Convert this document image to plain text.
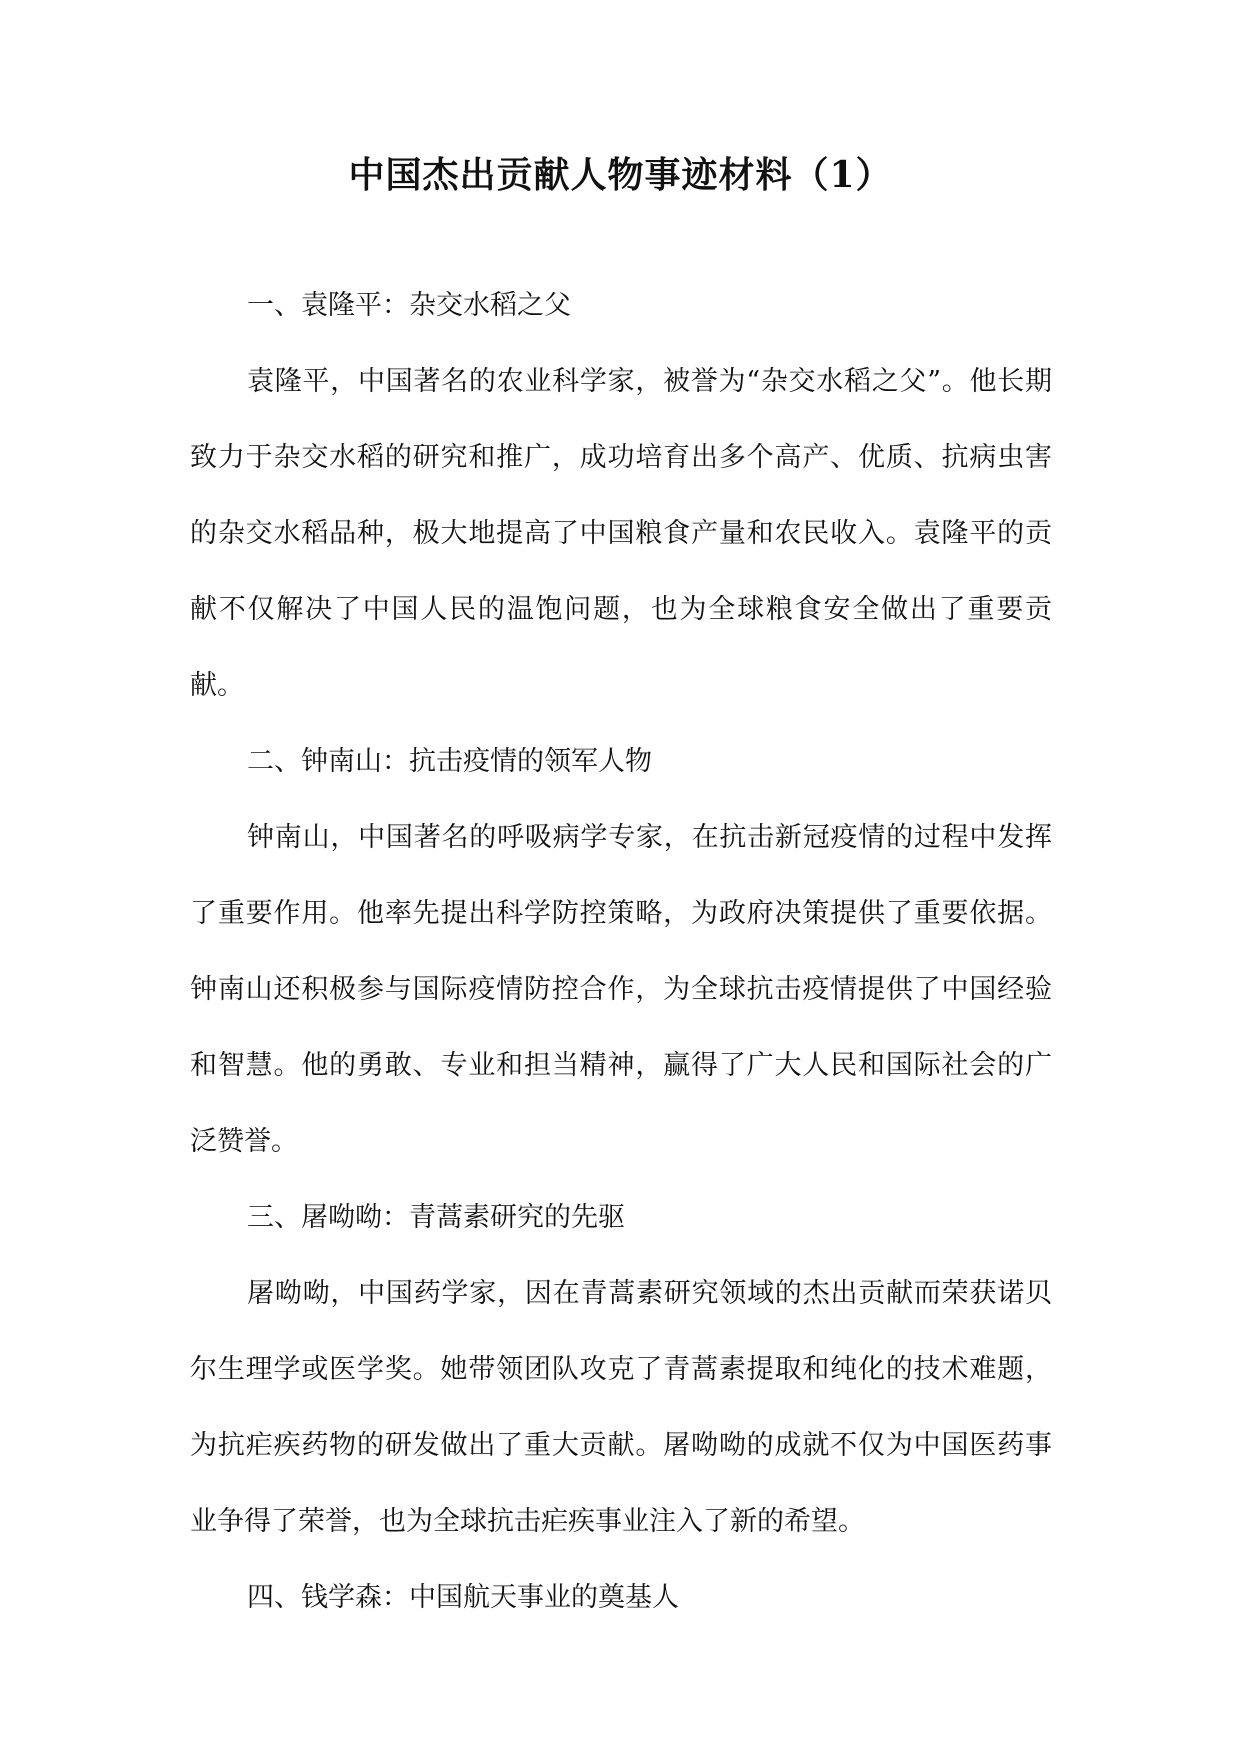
中国杰出贡献人物事迹材料（1）

一、袁隆平：杂交水稻之父

袁隆平，中国著名的农业科学家，被誉为“杂交水稻之父”。他长期致力于杂交水稻的研究和推广，成功培育出多个高产、优质、抗病虫害的杂交水稻品种，极大地提高了中国粮食产量和农民收入。袁隆平的贡献不仅解决了中国人民的温饱问题，也为全球粮食安全做出了重要贡献。

二、钟南山：抗击疫情的领军人物

钟南山，中国著名的呼吸病学专家，在抗击新冠疫情的过程中发挥了重要作用。他率先提出科学防控策略，为政府决策提供了重要依据。钟南山还积极参与国际疫情防控合作，为全球抗击疫情提供了中国经验和智慧。他的勇敢、专业和担当精神，赢得了广大人民和国际社会的广泛赞誉。

三、屠呦呦：青蒿素研究的先驱

屠呦呦，中国药学家，因在青蒿素研究领域的杰出贡献而荣获诺贝尔生理学或医学奖。她带领团队攻克了青蒿素提取和纯化的技术难题，为抗疟疾药物的研发做出了重大贡献。屠呦呦的成就不仅为中国医药事业争得了荣誉，也为全球抗击疟疾事业注入了新的希望。

四、钱学森：中国航天事业的奠基人
